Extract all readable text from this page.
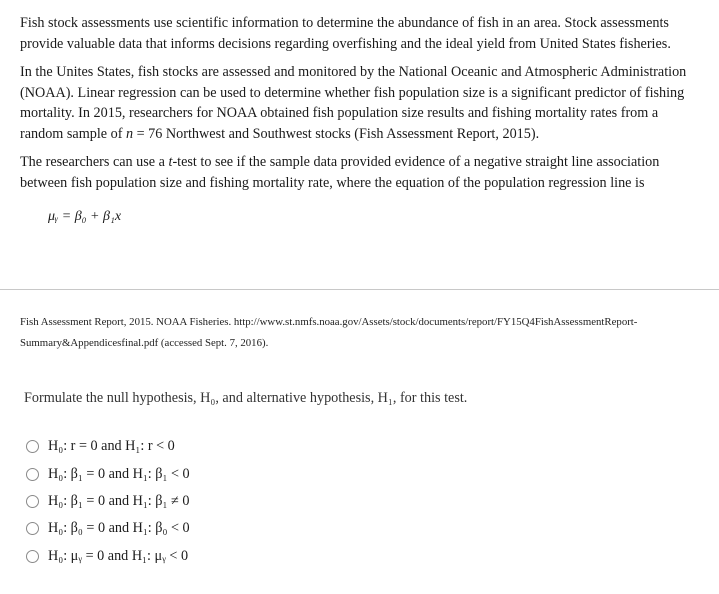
Fish stock assessments use scientific information to determine the abundance of fish in an area. Stock assessments provide valuable data that informs decisions regarding overfishing and the ideal yield from United States fisheries.

In the Unites States, fish stocks are assessed and monitored by the National Oceanic and Atmospheric Administration (NOAA). Linear regression can be used to determine whether fish population size is a significant predictor of fishing mortality. In 2015, researchers for NOAA obtained fish population size results and fishing mortality rates from a random sample of n = 76 Northwest and Southwest stocks (Fish Assessment Report, 2015).

The researchers can use a t-test to see if the sample data provided evidence of a negative straight line association between fish population size and fishing mortality rate, where the equation of the population regression line is

μᵧ = β₀ + β₁x

Fish Assessment Report, 2015. NOAA Fisheries. http://www.st.nmfs.noaa.gov/Assets/stock/documents/report/FY15Q4FishAssessmentReport-Summary&Appendicesfinal.pdf (accessed Sept. 7, 2016).

Formulate the null hypothesis, H₀, and alternative hypothesis, H₁, for this test.
H₀: r = 0 and H₁: r < 0
H₀: β₁ = 0 and H₁: β₁ < 0
H₀: β₁ = 0 and H₁: β₁ ≠ 0
H₀: β₀ = 0 and H₁: β₀ < 0
H₀: μᵧ = 0 and H₁: μᵧ < 0
